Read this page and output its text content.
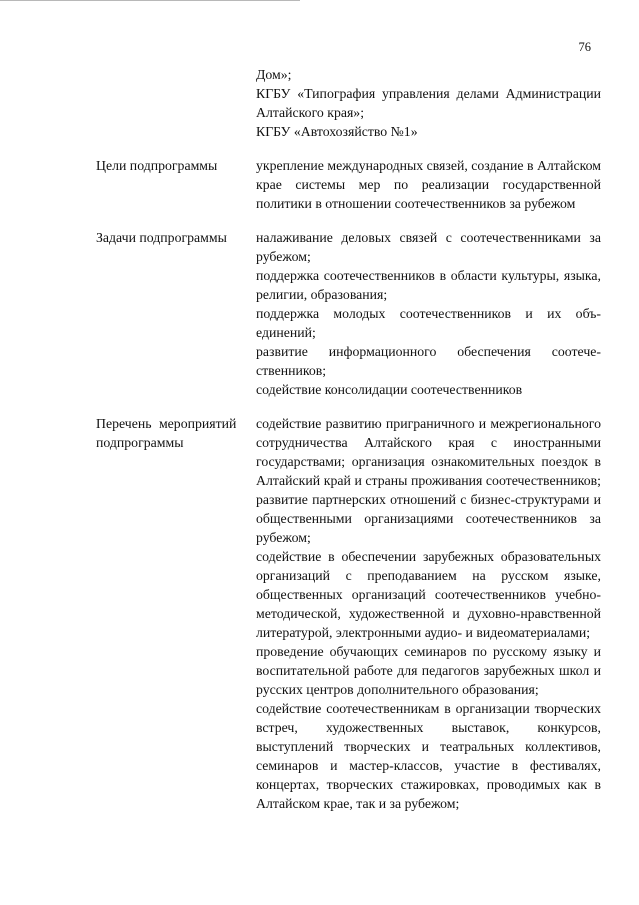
76

Дом»;

КГБУ «Типография управления делами Администрации Алтайского края»;

КГБУ «Автохозяйство №1»

Цели подпрограммы	укрепление международных связей, создание в Алтайском крае системы мер по реализации государственной политики в отношении соотечественников за рубежом

Задачи подпрограммы	налаживание деловых связей с соотечественниками за рубежом;

поддержка соотечественников в области культуры, языка, религии, образования;

поддержка молодых соотечественников и их объединений;

развитие информационного обеспечения соотечественников;

содействие консолидации соотечественников

Перечень мероприятий
подпрограммы

содействие развитию приграничного и межрегионального сотрудничества Алтайского края с иностранными государствами; организация ознакомительных поездок в Алтайский край и страны проживания соотечественников; развитие партнерских отношений с бизнес-структурами и общественными организациями соотечественников за рубежом;

содействие в обеспечении зарубежных образовательных организаций с преподаванием на русском языке, общественных организаций соотечественников учебно-методической, художественной и духовно-нравственной литературой, электронными аудио- и видеоматериалами;

проведение обучающих семинаров по русскому языку и воспитательной работе для педагогов зарубежных школ и русских центров дополнительного образования;

содействие соотечественникам в организации творческих встреч, художественных выставок, конкурсов, выступлений творческих и театральных коллективов, семинаров и мастер-классов, участие в фестивалях, концертах, творческих стажировках, проводимых как в Алтайском крае, так и за рубежом;
